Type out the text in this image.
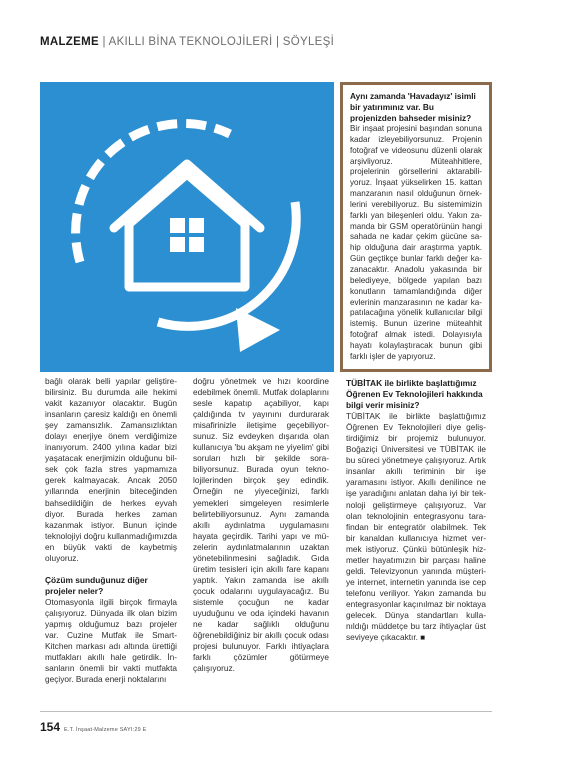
MALZEME | AKILLI BİNA TEKNOLOJİLERİ | SÖYLEŞİ
Aynı zamanda 'Havadayız' isimli bir yatırımınız var. Bu projenizden bahseder misiniz?

Bir inşaat projesini başından sonuna kadar izleyebiliyorsunuz. Projenin fotoğraf ve videosunu düzenli olarak arşivliyoruz. Müteahhitlere, projelerinin görsellerini aktarabiliyoruz. İnşaat yükselirken 15. kattan manzaranın nasıl olduğunun örneklerini verebiliyoruz. Bu sistemimizin farklı yan bileşenleri oldu. Yakın zamanda bir GSM operatörünün hangi sahada ne kadar çekim gücüne sahip olduğuna dair araştırma yaptık. Gün geçtikçe bunlar farklı değer kazanacaktır. Anadolu yakasında bir belediyeye, bölgede yapılan bazı konutların tamamlandığında diğer evlerinin manzarasının ne kadar kapatılacağına yönelik kullanıcılar bilgi istemiş. Bunun üzerine müteahhit fotoğraf almak istedi. Dolayısıyla hayatı kolaylaştıracak bunun gibi farklı işler de yapıyoruz.

bağlı olarak belli yapılar geliştirebilirsiniz. Bu durumda aile hekimi vakit kazanıyor olacaktır. Bugün insanların çaresiz kaldığı en önemli şey zamansızlık. Zamansızlıktan dolayı enerjiye önem verdiğimize inanıyorum. 2400 yılına kadar bizi yaşatacak enerjimizin olduğunu bilsek çok fazla stres yapmamıza gerek kalmayacak. Ancak 2050 yıllarında enerjinin biteceğinden bahsedildiğin de herkes eyvah diyor. Burada herkes zaman kazanmak istiyor. Bunun içinde teknolojiyi doğru kullanmadığımızda en büyük vakti de kaybetmiş oluyoruz.

Çözüm sunduğunuz diğer projeler neler?

Otomasyonla ilgili birçok firmayla çalışıyoruz. Dünyada ilk olan bizim yapmış olduğumuz bazı projeler var. Cuzine Mutfak ile Smart-Kitchen markası adı altında ürettiği mutfakları akıllı hale getirdik. İnsanların önemli bir vakti mutfakta geçiyor. Burada enerji noktalarını

doğru yönetmek ve hızı koordine edebilmek önemli. Mutfak dolaplarını sesle kapatıp açabiliyor, kapı çaldığında tv yayınını durdurarak misafirinizle iletişime geçebiliyorsunuz. Siz evdeyken dışarıda olan kullanıcıya 'bu akşam ne yiyelim' gibi soruları hızlı bir şekilde sorabiliyorsunuz. Burada oyun teknolojilerinden birçok şey edindik. Örneğin ne yiyeceğinizi, farklı yemekleri simgeleyen resimlerle belirtebiliyorsunuz. Aynı zamanda akıllı aydınlatma uygulamasını hayata geçirdik. Tarihi yapı ve müzelerin aydınlatmalarının uzaktan yönetebilinmesini sağladık. Gıda üretim tesisleri için akıllı fare kapanı yaptık. Yakın zamanda ise akıllı çocuk odalarını uygulayacağız. Bu sistemle çocuğun ne kadar uyuduğunu ve oda içindeki havanın ne kadar sağlıklı olduğunu öğrenebildiğiniz bir akıllı çocuk odası projesi bulunuyor. Farklı ihtiyaçlara farklı çözümler götürmeye çalışıyoruz.

TÜBİTAK ile birlikte başlattığımız Öğrenen Ev Teknolojileri hakkında bilgi verir misiniz?

TÜBİTAK ile birlikte başlattığımız Öğrenen Ev Teknolojileri diye geliştirdiğimiz bir projemiz bulunuyor. Boğaziçi Üniversitesi ve TÜBİTAK ile bu süreci yönetmeye çalışıyoruz. Artık insanlar akıllı teriminin bir işe yaramasını istiyor. Akıllı denilince ne işe yaradığını anlatan daha iyi bir teknoloji geliştirmeye çalışıyoruz. Var olan teknolojinin entegrasyonu tarafindan bir entegratör olabilmek. Tek bir kanaldan kullanıcıya hizmet vermek istiyoruz. Çünkü bütünleşik hizmetler hayatımızın bir parçası haline geldi. Televizyonun yanında müşteriye internet, internetin yanında ise cep telefonu veriliyor. Yakın zamanda bu entegrasyonlar kaçınılmaz bir noktaya gelecek. Dünya standartları kullanıldığı müddetçe bu tarz ihtiyaçlar üst seviyeye çıkacaktır. ■

154 E.T. İnşaat-Malzeme SAYI:29 E
